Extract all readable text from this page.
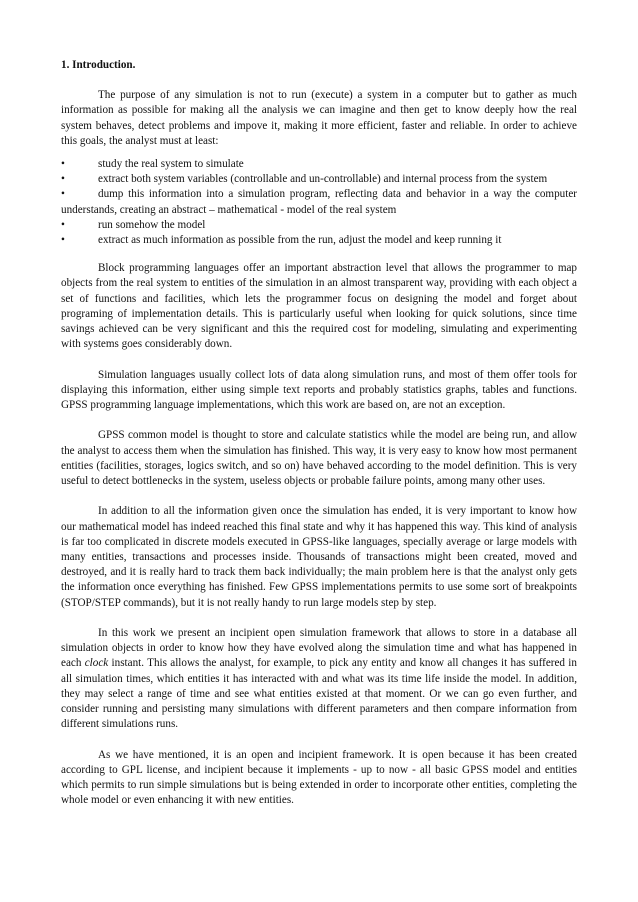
1. Introduction.

The purpose of any simulation is not to run (execute) a system in a computer but to gather as much information as possible for making all the analysis we can imagine and then get to know deeply how the real system behaves, detect problems and impove it, making it more efficient, faster and reliable. In order to achieve this goals, the analyst must at least:

•	study the real system to simulate
•	extract both system variables (controllable and un-controllable) and internal process from the system
•	dump this information into a simulation program, reflecting data and behavior in a way the computer understands, creating an abstract – mathematical - model of the real system
•	run somehow the model
•	extract as much information as possible from the run, adjust the model and keep running it

Block programming languages offer an important abstraction level that allows the programmer to map objects from the real system to entities of the simulation in an almost transparent way, providing with each object a set of functions and facilities, which lets the programmer focus on designing the model and forget about programing of implementation details. This is particularly useful when looking for quick solutions, since time savings achieved can be very significant and this the required cost for modeling, simulating and experimenting with systems goes considerably down.

Simulation languages usually collect lots of data along simulation runs, and most of them offer tools for displaying this information, either using simple text reports and probably statistics graphs, tables and functions. GPSS programming language implementations, which this work are based on, are not an exception.

GPSS common model is thought to store and calculate statistics while the model are being run, and allow the analyst to access them when the simulation has finished. This way, it is very easy to know how most permanent entities (facilities, storages, logics switch, and so on) have behaved according to the model definition. This is very useful to detect bottlenecks in the system, useless objects or probable failure points, among many other uses.

In addition to all the information given once the simulation has ended, it is very important to know how our mathematical model has indeed reached this final state and why it has happened this way. This kind of analysis is far too complicated in discrete models executed in GPSS-like languages, specially average or large models with many entities, transactions and processes inside. Thousands of transactions might been created, moved and destroyed, and it is really hard to track them back individually; the main problem here is that the analyst only gets the information once everything has finished. Few GPSS implementations permits to use some sort of breakpoints (STOP/STEP commands), but it is not really handy to run large models step by step.

In this work we present an incipient open simulation framework that allows to store in a database all simulation objects in order to know how they have evolved along the simulation time and what has happened in each clock instant. This allows the analyst, for example, to pick any entity and know all changes it has suffered in all simulation times, which entities it has interacted with and what was its time life inside the model. In addition, they may select a range of time and see what entities existed at that moment. Or we can go even further, and consider running and persisting many simulations with different parameters and then compare information from different simulations runs.

As we have mentioned, it is an open and incipient framework. It is open because it has been created according to GPL license, and incipient because it implements - up to now - all basic GPSS model and entities which permits to run simple simulations but is being extended in order to incorporate other entities, completing the whole model or even enhancing it with new entities.
